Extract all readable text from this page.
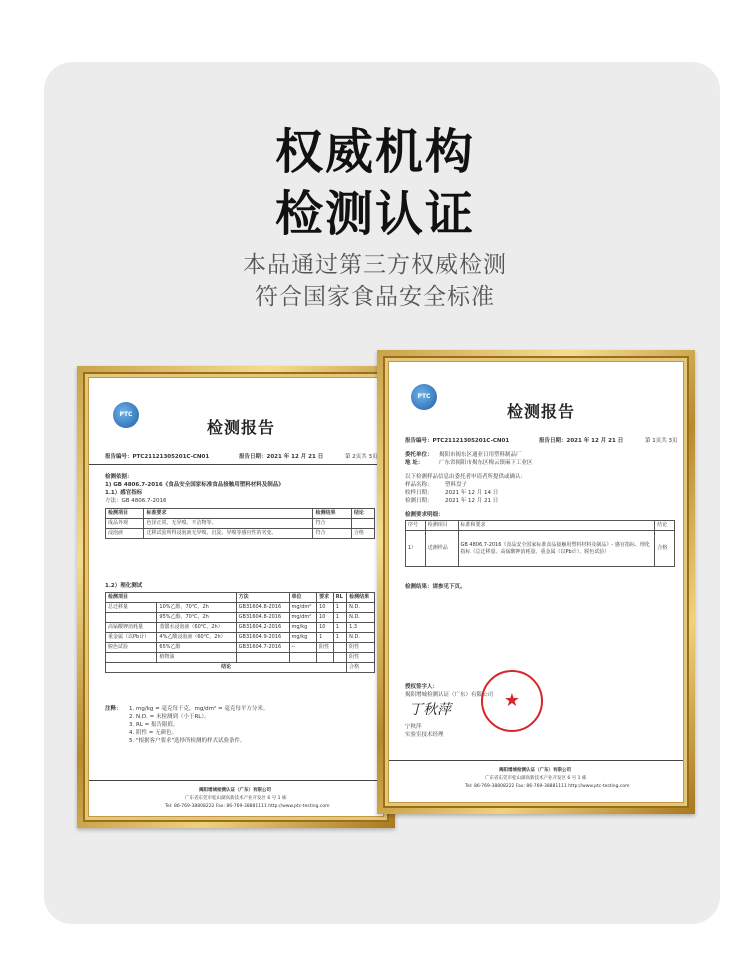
权威机构
检测认证
本品通过第三方权威检测
符合国家食品安全标准
PTC
检测报告
报告编号：PTC21121305201C-CN01	报告日期：2021 年 12 月 21 日	第 2页共 3页
检测依据：
1) GB 4806.7-2016《食品安全国家标准食品接触用塑料材料及制品》
1.1）感官指标
方法：GB 4806.7-2016
检测项目	标准要求	检测结果	结论
成品外观	色泽正常、无异嗅、不洁物等。	符合	
浸泡液	迁移试验所得浸泡液无异嗅、沉淀、异嗅等感官性的劣变。	符合	合格
1.2）理化测试
检测项目		方法	单位	要求	RL	检测结果
总迁移量	10%乙醇，70℃，2h	GB31604.8-2016	mg/dm²	10	1	N.D.
	95%乙醇，70℃，2h	GB31604.8-2016	mg/dm²	10	1	N.D.
高锰酸钾消耗量	蒸馏水浸泡液（60℃，2h）	GB31604.2-2016	mg/kg	10	1	1.3
重金属（以Pb计）	4%乙酸浸泡液（60℃，2h）	GB31604.9-2016	mg/kg	1	1	N.D.
脱色试验	65%乙醇	GB31604.7-2016	--	阴性		阴性
	植物油					阴性
结论						合格
注释： 1. mg/kg = 毫克每千克，mg/dm² = 毫克每平方分米。
2. N.D. = 未检测到（小于RL）。
3. RL = 报告限值。
4. 阴性 = 无颜色。
5. "根据客户要求"选择所检测的样式试验条件。
揭阳增城检测认证（广东）有限公司
广东省东莞市松山湖高新技术产业开发区 6 号 1 栋
Tel: 86-769-38808222 Fax: 86-769-38881111 http://www.ptc-testing.com
PTC
检测报告
报告编号：PTC21121305201C-CN01	报告日期：2021 年 12 月 21 日	第 1页共 3页
委托单位： 揭阳市揭东区通业日用塑料制品厂
地 址：	广东省揭阳市揭东区梅云镇麻下工业区
以下检测样品信息由委托者申请者所提供或确认：
样品名称： 塑料盘子
收样日期： 2021 年 12 月 14 日
检测日期： 2021 年 12 月 21 日
检测要求明细：
序号	检测项目	标准和要求	结论
1）	送测样品	GB 4806.7-2016《食品安全国家标准食品接触用塑料材料及制品》- 感官指标、理化指标（总迁移量、高锰酸钾消耗量、重金属（以Pb计）、脱色试验）	合格
检测结果：请参见下页。
授权签字人：
揭阳增城检测认证（广东）有限公司
丁秋萍	★
宁秋萍
实验室技术经理
揭阳增城检测认证（广东）有限公司
广东省东莞市松山湖高新技术产业开发区 6 号 1 栋
Tel: 86-769-38808222 Fax: 86-769-38881111 http://www.ptc-testing.com
